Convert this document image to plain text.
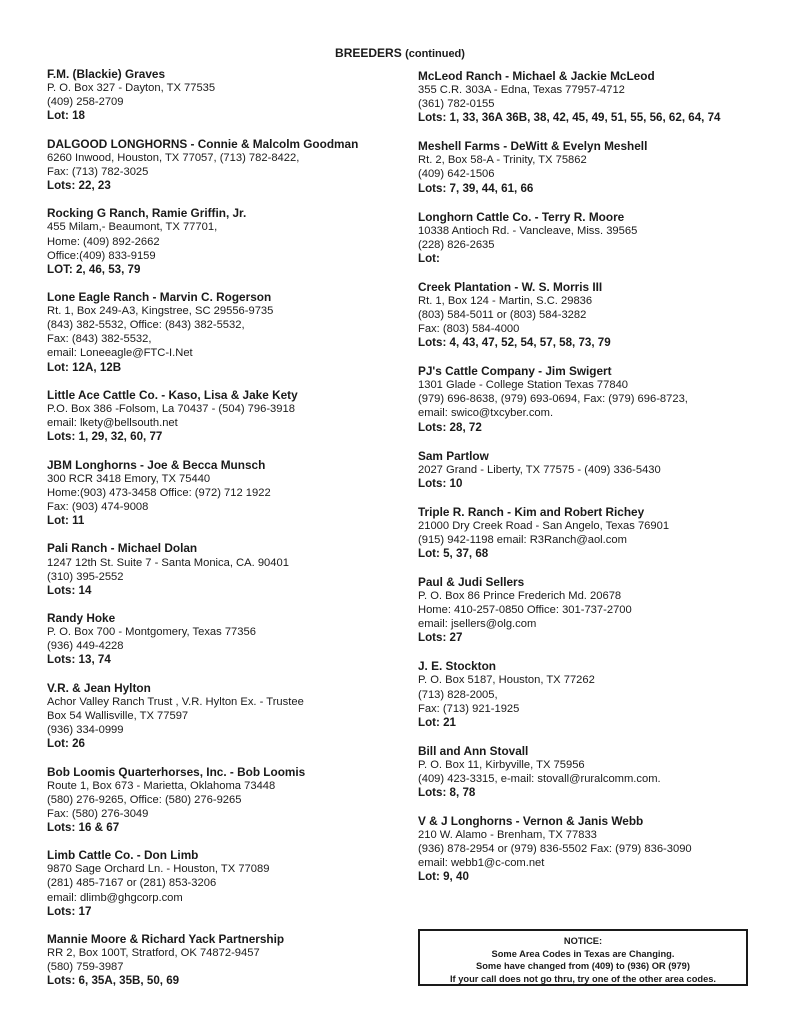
BREEDERS (continued)
F.M. (Blackie) Graves
P. O. Box 327 - Dayton, TX 77535
(409) 258-2709
Lot: 18
DALGOOD LONGHORNS - Connie & Malcolm Goodman
6260 Inwood, Houston, TX 77057, (713) 782-8422,
Fax: (713) 782-3025
Lots: 22, 23
Rocking G Ranch, Ramie Griffin, Jr.
455 Milam,- Beaumont, TX 77701,
Home: (409) 892-2662
Office:(409) 833-9159
LOT: 2, 46, 53, 79
Lone Eagle Ranch - Marvin C. Rogerson
Rt. 1, Box 249-A3, Kingstree, SC 29556-9735
(843) 382-5532, Office: (843) 382-5532,
Fax: (843) 382-5532,
email: Loneeagle@FTC-I.Net
Lot: 12A, 12B
Little Ace Cattle Co. - Kaso, Lisa & Jake Kety
P.O. Box 386 -Folsom, La 70437 - (504) 796-3918
email: lkety@bellsouth.net
Lots: 1, 29, 32, 60, 77
JBM Longhorns - Joe & Becca Munsch
300 RCR 3418 Emory, TX 75440
Home:(903) 473-3458 Office: (972) 712 1922
Fax: (903) 474-9008
Lot: 11
Pali Ranch - Michael Dolan
1247 12th St. Suite 7 - Santa Monica, CA. 90401
(310) 395-2552
Lots: 14
Randy Hoke
P. O. Box 700 - Montgomery, Texas 77356
(936) 449-4228
Lots: 13, 74
V.R. & Jean Hylton
Achor Valley Ranch Trust , V.R. Hylton Ex. - Trustee
Box 54 Wallisville, TX 77597
(936) 334-0999
Lot: 26
Bob Loomis Quarterhorses, Inc. - Bob Loomis
Route 1, Box 673 - Marietta, Oklahoma 73448
(580) 276-9265, Office: (580) 276-9265
Fax: (580) 276-3049
Lots: 16 & 67
Limb Cattle Co. - Don Limb
9870 Sage Orchard Ln. - Houston, TX 77089
(281) 485-7167 or (281) 853-3206
email: dlimb@ghgcorp.com
Lots: 17
Mannie Moore & Richard Yack Partnership
RR 2, Box 100T, Stratford, OK 74872-9457
(580) 759-3987
Lots: 6, 35A, 35B, 50, 69
McLeod Ranch - Michael & Jackie McLeod
355 C.R. 303A - Edna, Texas 77957-4712
(361) 782-0155
Lots: 1, 33, 36A 36B, 38, 42, 45, 49, 51, 55, 56, 62, 64, 74
Meshell Farms - DeWitt & Evelyn Meshell
Rt. 2, Box 58-A - Trinity, TX 75862
(409) 642-1506
Lots: 7, 39, 44, 61, 66
Longhorn Cattle Co. - Terry R. Moore
10338 Antioch Rd. - Vancleave, Miss. 39565
(228) 826-2635
Lot:
Creek Plantation - W. S. Morris III
Rt. 1, Box 124 - Martin, S.C. 29836
(803) 584-5011 or (803) 584-3282
Fax: (803) 584-4000
Lots: 4, 43, 47, 52, 54, 57, 58, 73, 79
PJ's Cattle Company - Jim Swigert
1301 Glade - College Station Texas 77840
(979) 696-8638, (979) 693-0694, Fax: (979) 696-8723,
email: swico@txcyber.com.
Lots: 28, 72
Sam Partlow
2027 Grand - Liberty, TX 77575 - (409) 336-5430
Lots: 10
Triple R. Ranch - Kim and Robert Richey
21000 Dry Creek Road - San Angelo, Texas 76901
(915) 942-1198 email: R3Ranch@aol.com
Lot: 5, 37, 68
Paul & Judi Sellers
P. O. Box 86 Prince Frederich Md. 20678
Home: 410-257-0850 Office: 301-737-2700
email: jsellers@olg.com
Lots: 27
J. E. Stockton
P. O. Box 5187, Houston, TX 77262
(713) 828-2005,
Fax: (713) 921-1925
Lot: 21
Bill and Ann Stovall
P. O. Box 11, Kirbyville, TX 75956
(409) 423-3315, e-mail: stovall@ruralcomm.com.
Lots: 8, 78
V & J Longhorns - Vernon & Janis Webb
210 W. Alamo - Brenham, TX 77833
(936) 878-2954 or (979) 836-5502 Fax: (979) 836-3090
email: webb1@c-com.net
Lot: 9, 40
NOTICE:
Some Area Codes in Texas are Changing.
Some have changed from (409) to (936) OR (979)
If your call does not go thru, try one of the other area codes.
